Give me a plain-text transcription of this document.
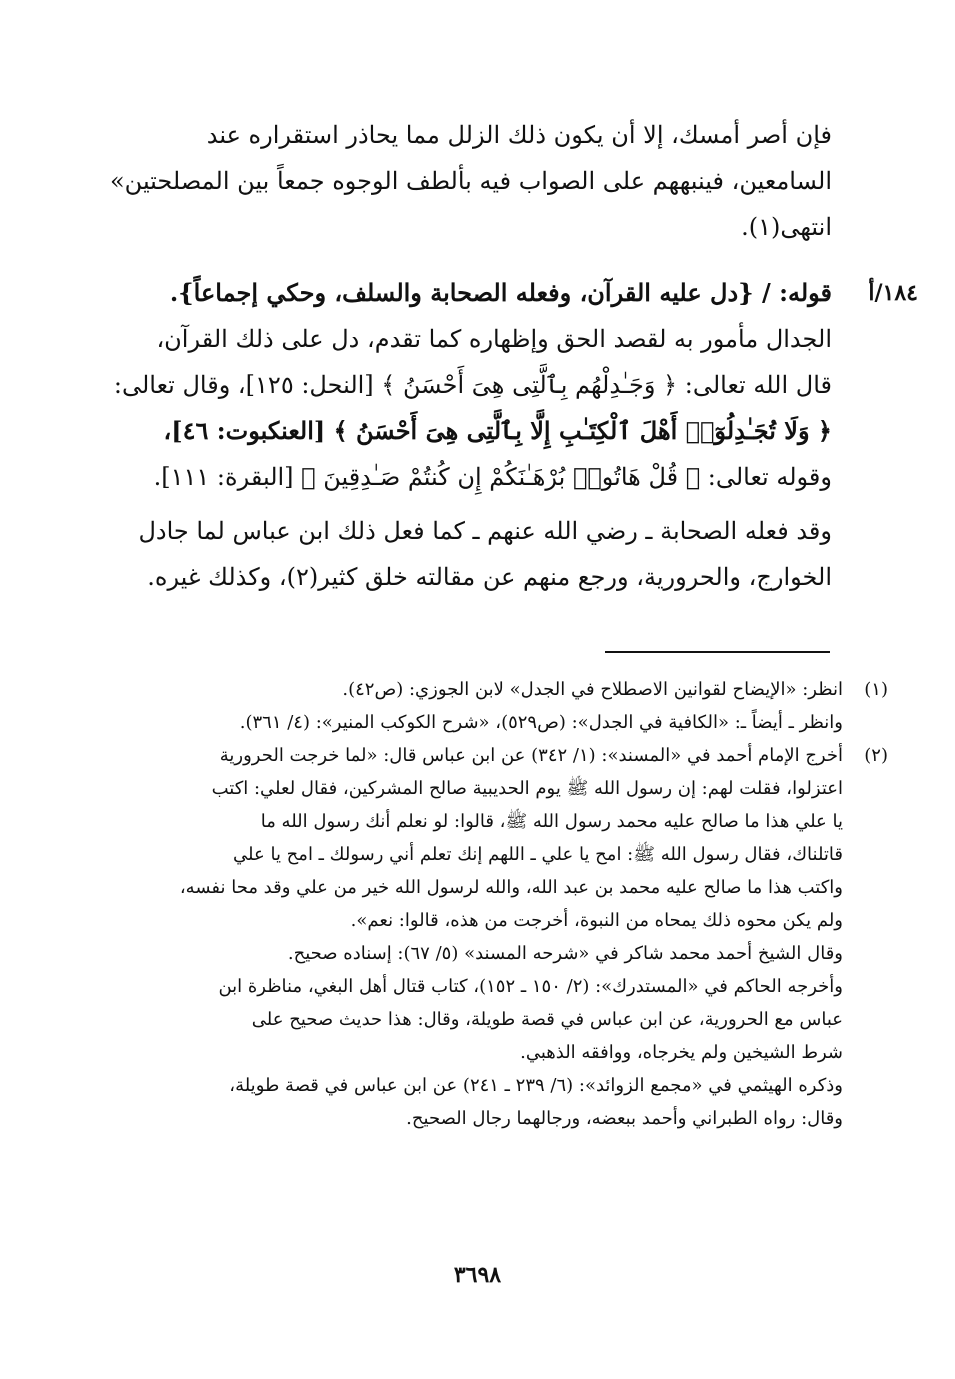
١٨٤/أ
فإن أصر أمسك، إلا أن يكون ذلك الزلل مما يحاذر استقراره عند
السامعين، فينبههم على الصواب فيه بألطف الوجوه جمعاً بين المصلحتين»
انتهى(١).
قوله: / {دل عليه القرآن، وفعله الصحابة والسلف، وحكي إجماعاً}.
الجدال مأمور به لقصد الحق وإظهاره كما تقدم، دل على ذلك القرآن،
قال الله تعالى: ﴿ وَجَـٰدِلْهُم بِٱلَّتِى هِىَ أَحْسَنُ ﴾ [النحل: ١٢٥]، وقال تعالى:
﴿ وَلَا تُجَـٰدِلُوٓا۟ أَهْلَ ٱلْكِتَـٰبِ إِلَّا بِٱلَّتِى هِىَ أَحْسَنُ ﴾ [العنكبوت: ٤٦]،
وقوله تعالى: ﴿ قُلْ هَاتُوا۟ بُرْهَـٰنَكُمْ إِن كُنتُمْ صَـٰدِقِينَ ﴾ [البقرة: ١١١].
وقد فعله الصحابة ـ رضي الله عنهم ـ كما فعل ذلك ابن عباس لما جادل
الخوارج، والحرورية، ورجع منهم عن مقالته خلق كثير(٢)، وكذلك غيره.
(١)
انظر: «الإيضاح لقوانين الاصطلاح في الجدل» لابن الجوزي: (ص٤٢).
وانظر ـ أيضاً ـ: «الكافية في الجدل»: (ص٥٢٩)، «شرح الكوكب المنير»: (٤/ ٣٦١).
(٢)
أخرج الإمام أحمد في «المسند»: (١/ ٣٤٢) عن ابن عباس قال: «لما خرجت الحرورية
اعتزلوا، فقلت لهم: إن رسول الله ﷺ يوم الحديبية صالح المشركين، فقال لعلي: اكتب
يا علي هذا ما صالح عليه محمد رسول الله ﷺ، قالوا: لو نعلم أنك رسول الله ما
قاتلناك، فقال رسول الله ﷺ: امح يا علي ـ اللهم إنك تعلم أني رسولك ـ امح يا علي
واكتب هذا ما صالح عليه محمد بن عبد الله، والله لرسول الله خير من علي وقد محا نفسه،
ولم يكن محوه ذلك يمحاه من النبوة، أخرجت من هذه، قالوا: نعم».
وقال الشيخ أحمد محمد شاكر في «شرحه المسند» (٥/ ٦٧): إسناده صحيح.
وأخرجه الحاكم في «المستدرك»: (٢/ ١٥٠ ـ ١٥٢)، كتاب قتال أهل البغي، مناظرة ابن
عباس مع الحرورية، عن ابن عباس في قصة طويلة، وقال: هذا حديث صحيح على
شرط الشيخين ولم يخرجاه، ووافقه الذهبي.
وذكره الهيثمي في «مجمع الزوائد»: (٦/ ٢٣٩ ـ ٢٤١) عن ابن عباس في قصة طويلة،
وقال: رواه الطبراني وأحمد ببعضه، ورجالهما رجال الصحيح.
٣٦٩٨
